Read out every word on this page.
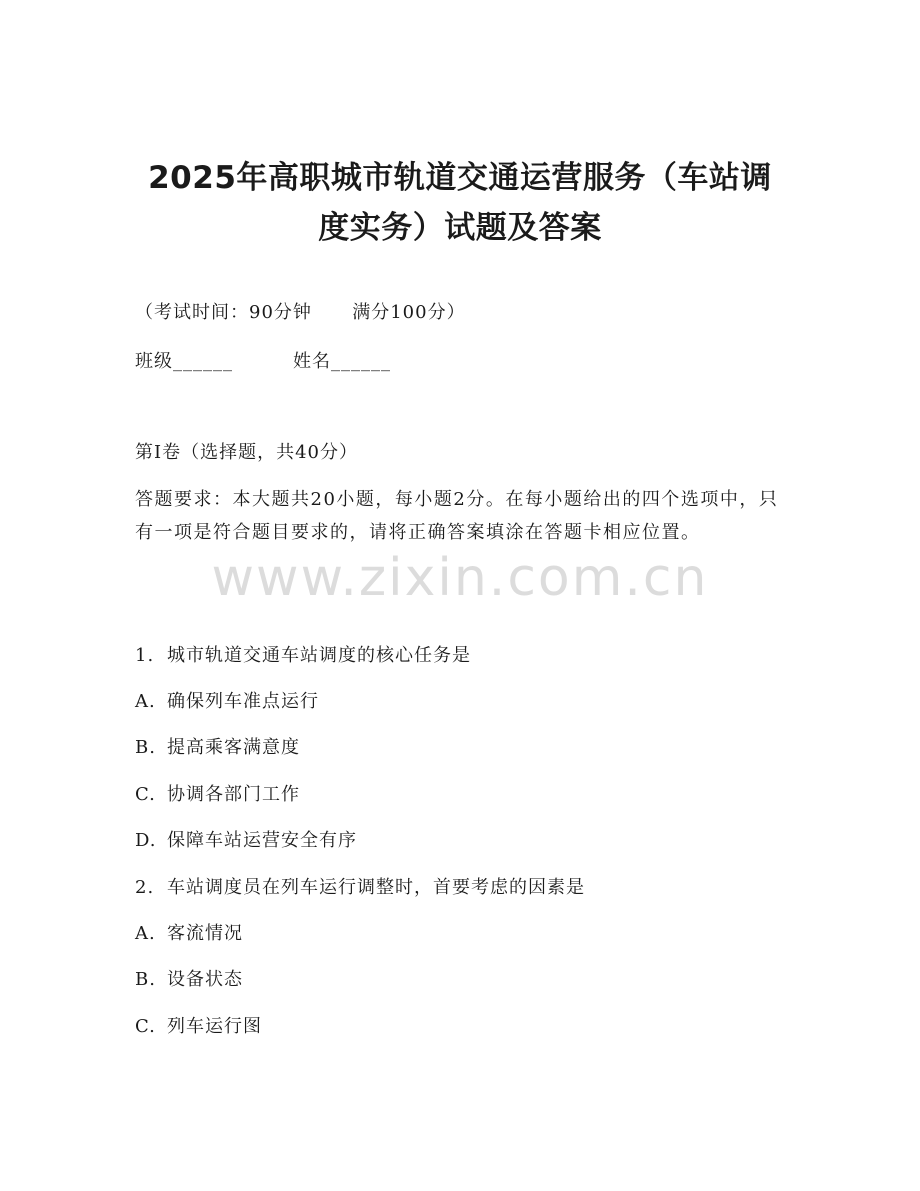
2025年高职城市轨道交通运营服务（车站调
度实务）试题及答案
（考试时间：90分钟      满分100分）
班级______	姓名______
第I卷（选择题，共40分）
答题要求：本大题共20小题，每小题2分。在每小题给出的四个选项中，只有一项是符合题目要求的，请将正确答案填涂在答题卡相应位置。
www.zixin.com.cn
1. 城市轨道交通车站调度的核心任务是
A. 确保列车准点运行
B. 提高乘客满意度
C. 协调各部门工作
D. 保障车站运营安全有序
2. 车站调度员在列车运行调整时，首要考虑的因素是
A. 客流情况
B. 设备状态
C. 列车运行图
